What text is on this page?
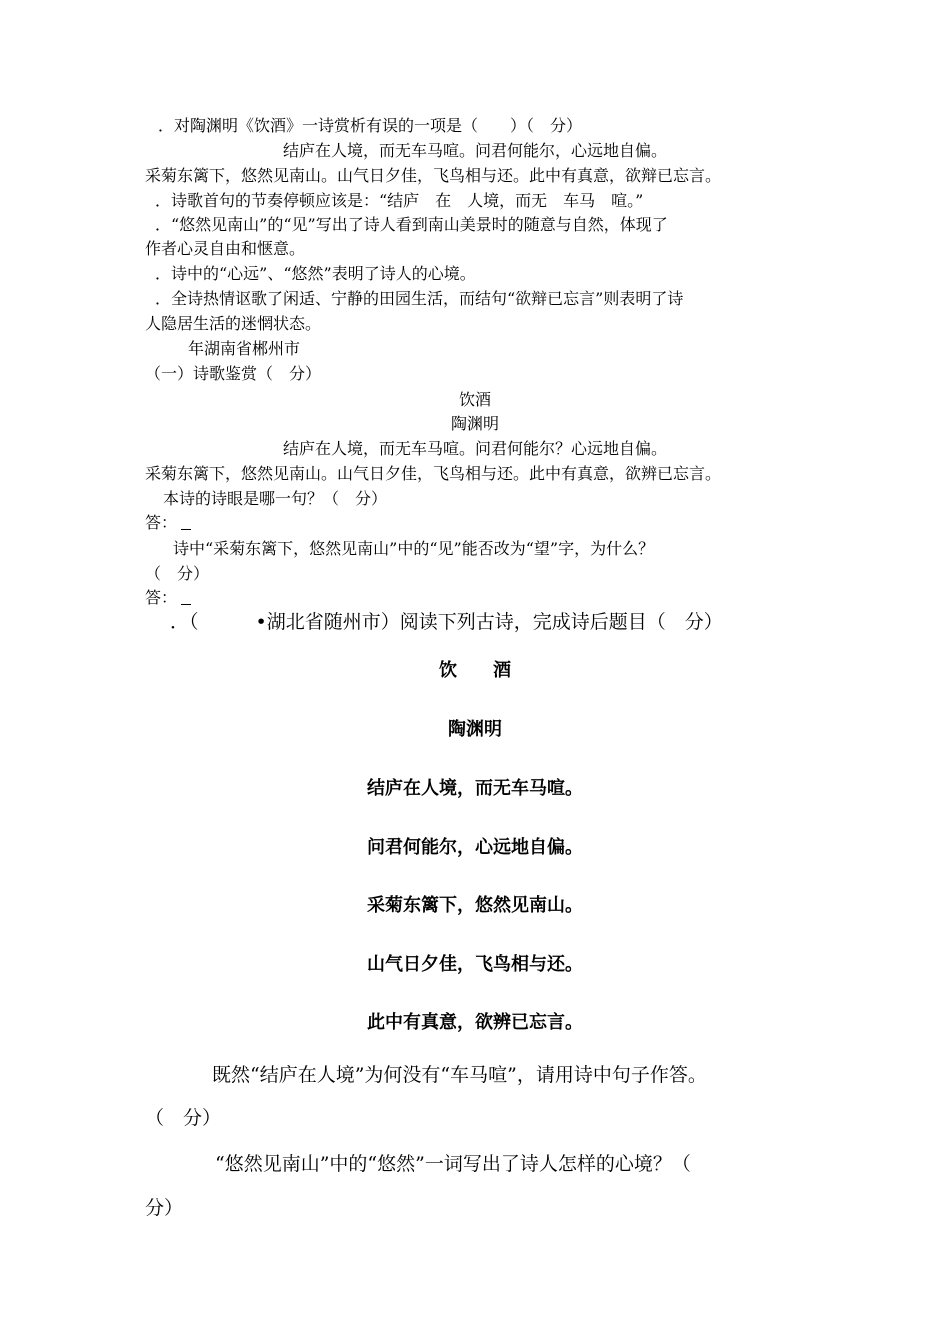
．对陶渊明《饮酒》一诗赏析有误的一项是（　　）（　分）
结庐在人境，而无车马喧。问君何能尔，心远地自偏。
采菊东篱下，悠然见南山。山气日夕佳，飞鸟相与还。此中有真意，欲辩已忘言。
．诗歌首句的节奏停顿应该是：“结庐　在　人境，而无　车马　喧。”
．“悠然见南山”的“见”写出了诗人看到南山美景时的随意与自然，体现了
作者心灵自由和惬意。
．诗中的“心远”、“悠然”表明了诗人的心境。
．全诗热情讴歌了闲适、宁静的田园生活，而结句“欲辩已忘言”则表明了诗
人隐居生活的迷惘状态。
年湖南省郴州市
（一）诗歌鉴赏（　分）
饮酒
陶渊明
结庐在人境，而无车马喧。问君何能尔？心远地自偏。
采菊东篱下，悠然见南山。山气日夕佳，飞鸟相与还。此中有真意，欲辨已忘言。
本诗的诗眼是哪一句？（　分）
答：
诗中“采菊东篱下，悠然见南山”中的“见”能否改为“望”字，为什么？
（　分）
答：
．（　　　•湖北省随州市）阅读下列古诗，完成诗后题目（　分）
饮　　酒
陶渊明
结庐在人境，而无车马喧。
问君何能尔，心远地自偏。
采菊东篱下，悠然见南山。
山气日夕佳，飞鸟相与还。
此中有真意，欲辨已忘言。
既然“结庐在人境”为何没有“车马喧”，请用诗中句子作答。
（　分）
“悠然见南山”中的“悠然”一词写出了诗人怎样的心境？（
分）
